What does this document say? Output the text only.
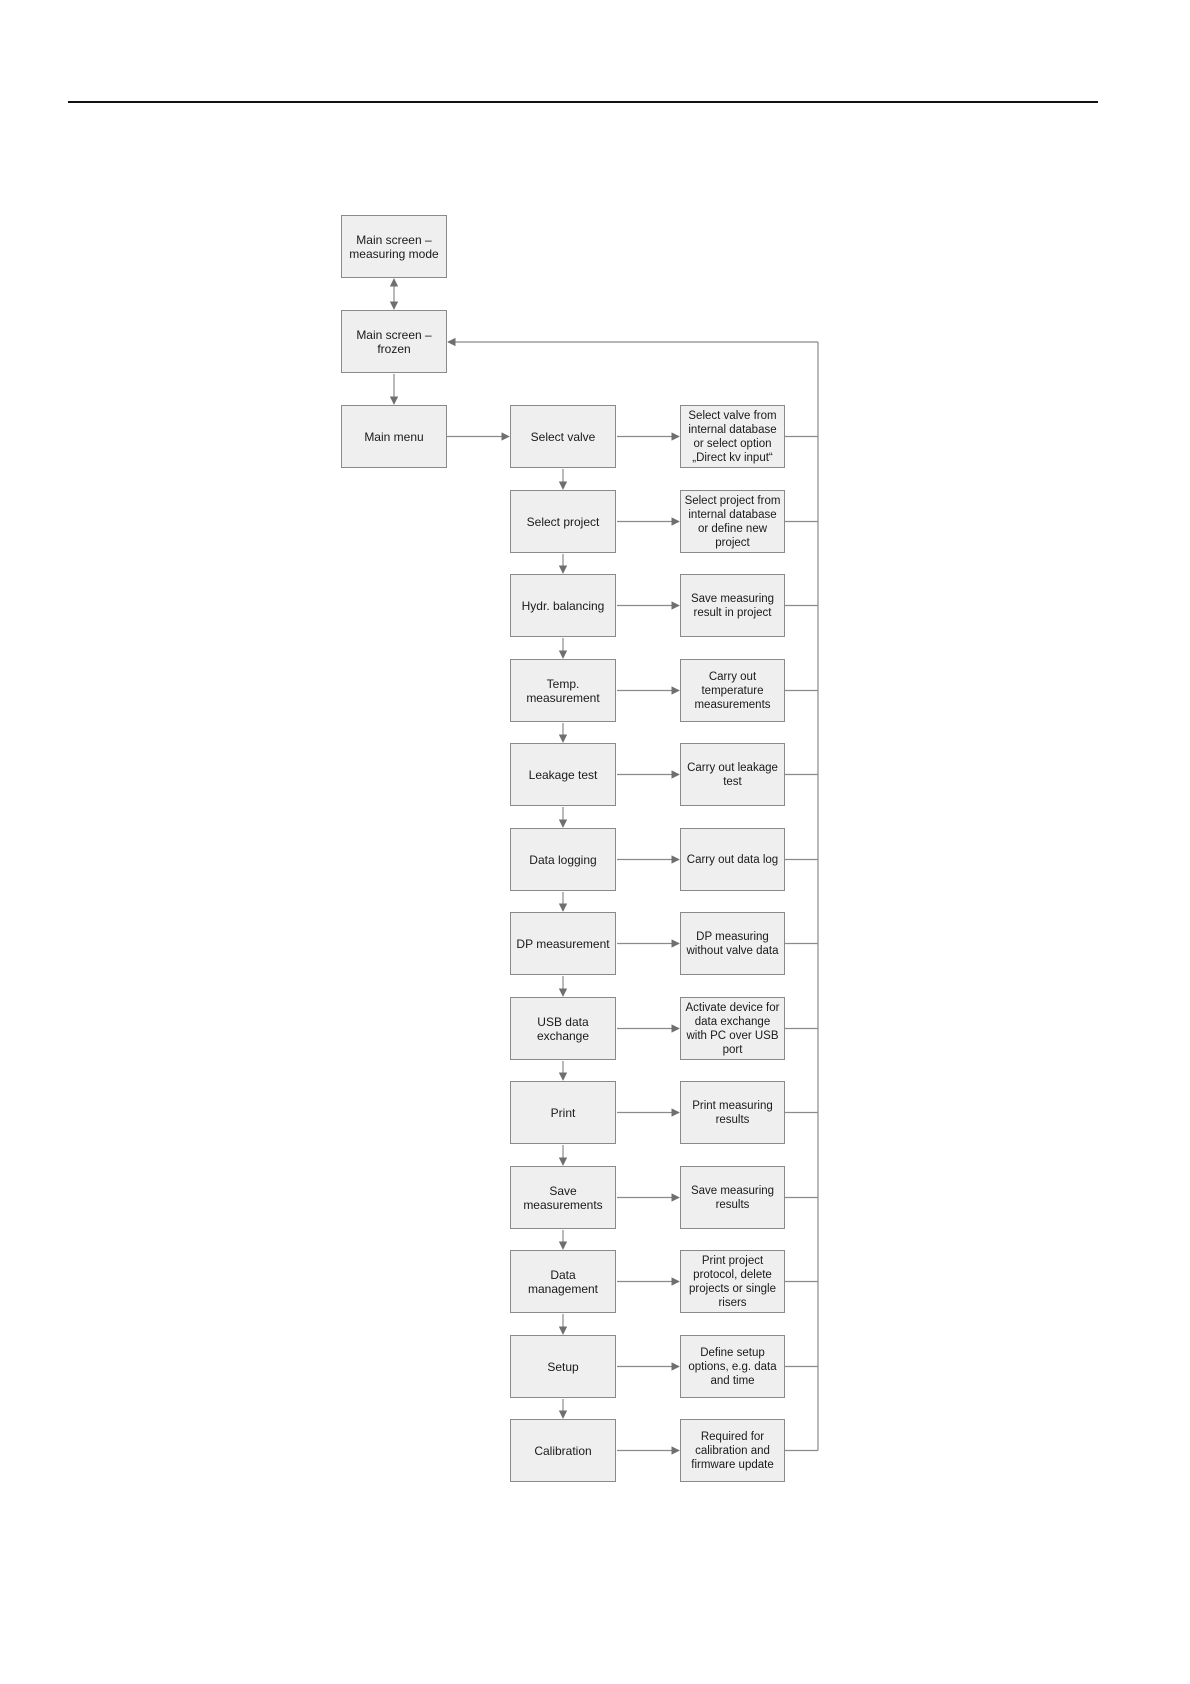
Main screen –
measuring mode
Main screen –
frozen
Main menu	Select valve
Select valve from internal database or select option „Direct kv input“
Select project
Select project from internal database or define new project
Hydr. balancing	Save measuring result in project
Temp.
measurement
Carry out temperature measurements
Leakage test	Carry out leakage test
Data logging	Carry out data log
DP measurement	DP measuring without valve data
USB data
exchange
Activate device for data exchange with PC over USB port
Print	Print measuring results
Save
measurements
Save measuring results
Data management
Print project protocol, delete projects or single risers
Setup
Define setup options, e.g. data and time
Calibration
Required for calibration and firmware update
